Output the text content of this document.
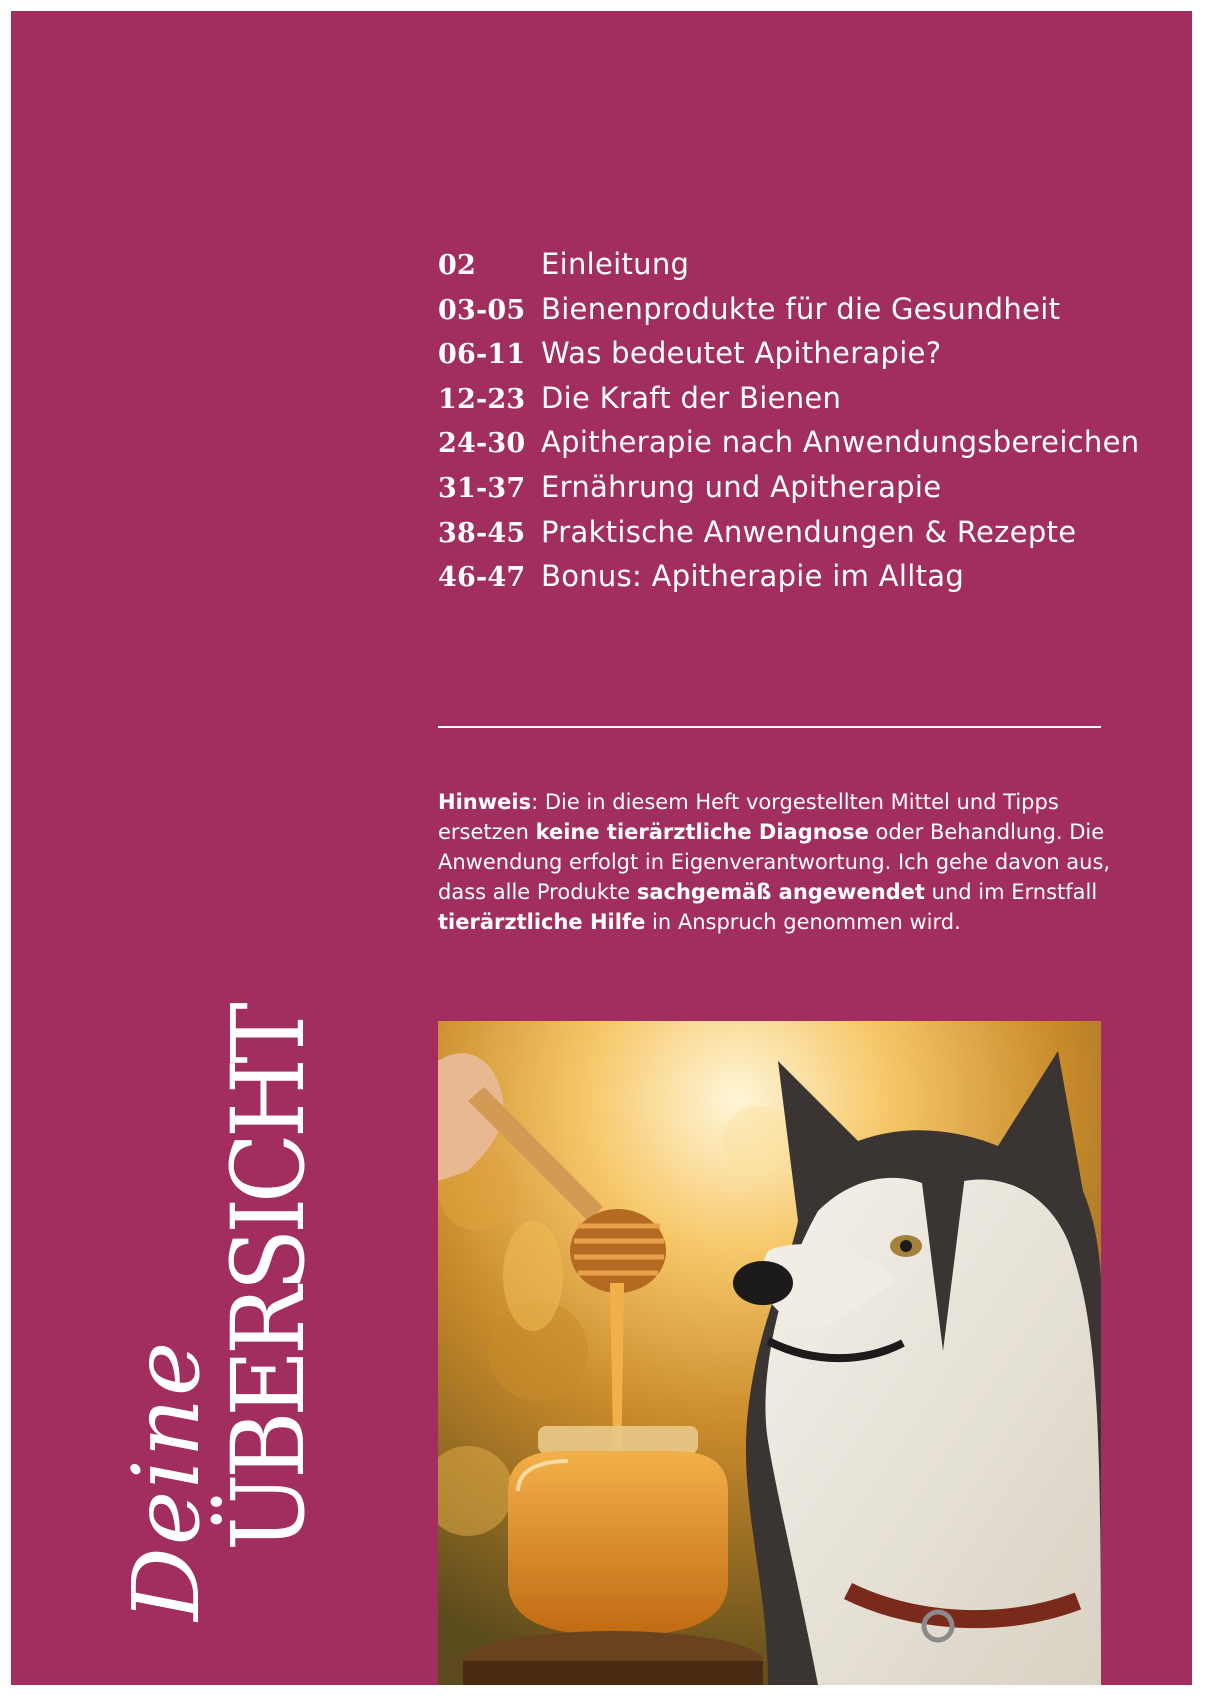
02	Einleitung
03-05 Bienenprodukte für die Gesundheit
06-11 Was bedeutet Apitherapie?
12-23 Die Kraft der Bienen
24-30 Apitherapie nach Anwendungsbereichen
31-37 Ernährung und Apitherapie
38-45 Praktische Anwendungen & Rezepte
46-47 Bonus: Apitherapie im Alltag

Hinweis: Die in diesem Heft vorgestellten Mittel und Tipps ersetzen keine tierärztliche Diagnose oder Behandlung. Die Anwendung erfolgt in Eigenverantwortung. Ich gehe davon aus, dass alle Produkte sachgemäß angewendet und im Ernstfall tierärztliche Hilfe in Anspruch genommen wird.

Deine
ÜBERSICHT
